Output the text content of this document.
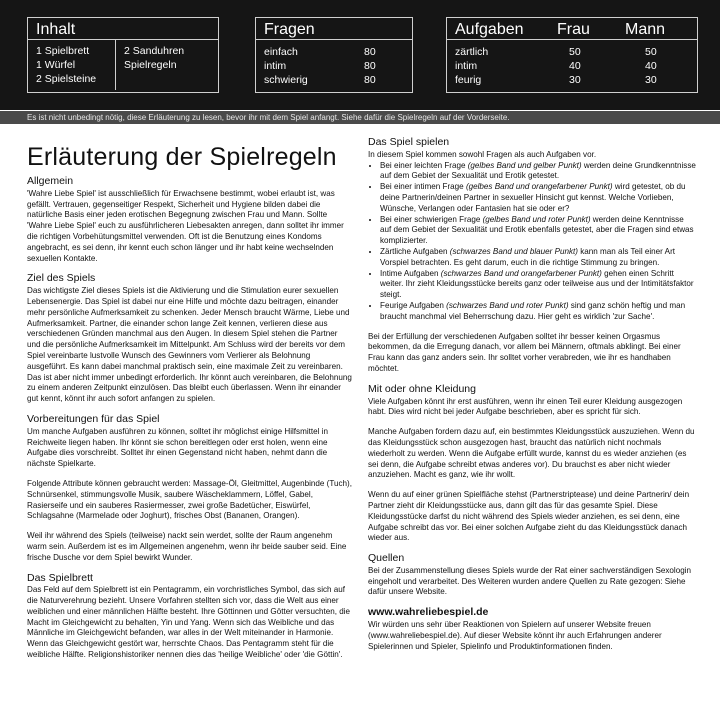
Inhalt
1 Spielbrett
1 Würfel
2 Spielsteine
2 Sanduhren
Spielregeln
Fragen
einfach	80
intim	80
schwierig	80
Aufgaben Frau Mann
zärtlich	50	50
intim	40	40
feurig	30	30
Es ist nicht unbedingt nötig, diese Erläuterung zu lesen, bevor ihr mit dem Spiel anfangt. Siehe dafür die Spielregeln auf der Vorderseite.
Erläuterung der Spielregeln
Allgemein

'Wahre Liebe Spiel' ist ausschließlich für Erwachsene bestimmt, wobei erlaubt ist, was gefällt. Vertrauen, gegenseitiger Respekt, Sicherheit und Hygiene bilden dabei die natürliche Basis einer jeden erotischen Begegnung zwischen Frau und Mann. Sollte 'Wahre Liebe Spiel' euch zu ausführlicheren Liebesakten anregen, dann solltet ihr immer die richtigen Vorbehütungsmittel verwenden. Oft ist die Benutzung eines Kondoms angebracht, es sei denn, ihr kennt euch schon länger und ihr habt keine wechselnden sexuellen Kontakte.

Ziel des Spiels

Das wichtigste Ziel dieses Spiels ist die Aktivierung und die Stimulation eurer sexuellen Lebensenergie. Das Spiel ist dabei nur eine Hilfe und möchte dazu beitragen, einander mehr persönliche Aufmerksamkeit zu schenken. Jeder Mensch braucht Wärme, Liebe und Aufmerksamkeit. Partner, die einander schon lange Zeit kennen, verlieren diese aus verschiedenen Gründen manchmal aus den Augen. In diesem Spiel stehen die Partner und die persönliche Aufmerksamkeit im Mittelpunkt. Am Schluss wird der bereits vor dem Spiel vereinbarte lustvolle Wunsch des Gewinners vom Verlierer als Belohnung ausgeführt. Es kann dabei manchmal praktisch sein, eine maximale Zeit zu vereinbaren. Das ist aber nicht immer unbedingt erforderlich. Ihr könnt auch vereinbaren, die Belohnung zu einem anderen Zeitpunkt einzulösen. Das bleibt euch überlassen. Wenn ihr einander gut kennt, könnt ihr auch sofort anfangen zu spielen.

Vorbereitungen für das Spiel

Um manche Aufgaben ausführen zu können, solltet ihr möglichst einige Hilfsmittel in Reichweite liegen haben. Ihr könnt sie schon bereitlegen oder erst holen, wenn eine Aufgabe dies vorschreibt. Solltet ihr einen Gegenstand nicht haben, nehmt dann die nächste Spielkarte.

Folgende Attribute können gebraucht werden: Massage-Öl, Gleitmittel, Augenbinde (Tuch), Schnürsenkel, stimmungsvolle Musik, saubere Wäscheklammern, Löffel, Gabel, Rasierseife und ein sauberes Rasiermesser, zwei große Badetücher, Eiswürfel, Schlagsahne (Marmelade oder Joghurt), frisches Obst (Bananen, Orangen).

Weil ihr während des Spiels (teilweise) nackt sein werdet, sollte der Raum angenehm warm sein. Außerdem ist es im Allgemeinen angenehm, wenn ihr beide sauber seid. Eine frische Dusche vor dem Spiel bewirkt Wunder.

Das Spielbrett

Das Feld auf dem Spielbrett ist ein Pentagramm, ein vorchristliches Symbol, das sich auf die Naturverehrung bezieht. Unsere Vorfahren stellten sich vor, dass die Welt aus einer weiblichen und einer männlichen Hälfte besteht. Ihre Göttinnen und Götter versuchten, die Macht im Gleichgewicht zu behalten, Yin und Yang. Wenn sich das Weibliche und das Männliche im Gleichgewicht befanden, war alles in der Welt miteinander in Harmonie. Wenn das Gleichgewicht gestört war, herrschte Chaos. Das Pentagramm steht für die weibliche Hälfte. Religionshistoriker nennen dies das 'heilige Weibliche' oder 'die Göttin'.

Das Spiel spielen
In diesem Spiel kommen sowohl Fragen als auch Aufgaben vor.
• Bei einer leichten Frage (gelbes Band und gelber Punkt) werden deine Grundkenntnisse auf dem Gebiet der Sexualität und Erotik getestet.
• Bei einer intimen Frage (gelbes Band und orangefarbener Punkt) wird getestet, ob du deine Partnerin/deinen Partner in sexueller Hinsicht gut kennst. Welche Vorlieben, Wünsche, Verlangen oder Fantasien hat sie oder er?
• Bei einer schwierigen Frage (gelbes Band und roter Punkt) werden deine Kenntnisse auf dem Gebiet der Sexualität und Erotik ebenfalls getestet, aber die Fragen sind etwas komplizierter.
• Zärtliche Aufgaben (schwarzes Band und blauer Punkt) kann man als Teil einer Art Vorspiel betrachten. Es geht darum, euch in die richtige Stimmung zu bringen.
• Intime Aufgaben (schwarzes Band und orangefarbener Punkt) gehen einen Schritt weiter. Ihr zieht Kleidungsstücke bereits ganz oder teilweise aus und der Intimitätsfaktor steigt.
• Feurige Aufgaben (schwarzes Band und roter Punkt) sind ganz schön heftig und man braucht manchmal viel Beherrschung dazu. Hier geht es wirklich 'zur Sache'.

Bei der Erfüllung der verschiedenen Aufgaben solltet ihr besser keinen Orgasmus bekommen, da die Erregung danach, vor allem bei Männern, oftmals abklingt. Bei einer Frau kann das ganz anders sein. Ihr solltet vorher verabreden, wie ihr es handhaben möchtet.

Mit oder ohne Kleidung

Viele Aufgaben könnt ihr erst ausführen, wenn ihr einen Teil eurer Kleidung ausgezogen habt. Dies wird nicht bei jeder Aufgabe beschrieben, aber es spricht für sich.

Manche Aufgaben fordern dazu auf, ein bestimmtes Kleidungsstück auszuziehen. Wenn du das Kleidungsstück schon ausgezogen hast, braucht das natürlich nicht nochmals wiederholt zu werden. Wenn die Aufgabe erfüllt wurde, kannst du es wieder anziehen (es sei denn, die Aufgabe schreibt etwas anderes vor). Du brauchst es aber nicht wieder anzuziehen. Macht es ganz, wie ihr wollt.

Wenn du auf einer grünen Spielfläche stehst (Partnerstriptease) und deine Partnerin/ dein Partner zieht dir Kleidungsstücke aus, dann gilt das für das gesamte Spiel. Diese Kleidungsstücke darfst du nicht während des Spiels wieder anziehen, es sei denn, eine Aufgabe schreibt das vor. Bei einer solchen Aufgabe zieht du das Kleidungsstück danach wieder aus.

Quellen

Bei der Zusammenstellung dieses Spiels wurde der Rat einer sachverständigen Sexologin eingeholt und verarbeitet. Des Weiteren wurden andere Quellen zu Rate gezogen: Siehe dafür unsere Website.

www.wahreliebespiel.de

Wir würden uns sehr über Reaktionen von Spielern auf unserer Website freuen (www.wahreliebespiel.de). Auf dieser Website könnt ihr auch Erfahrungen anderer Spielerinnen und Spieler, Spielinfo und Produktinformationen finden.
